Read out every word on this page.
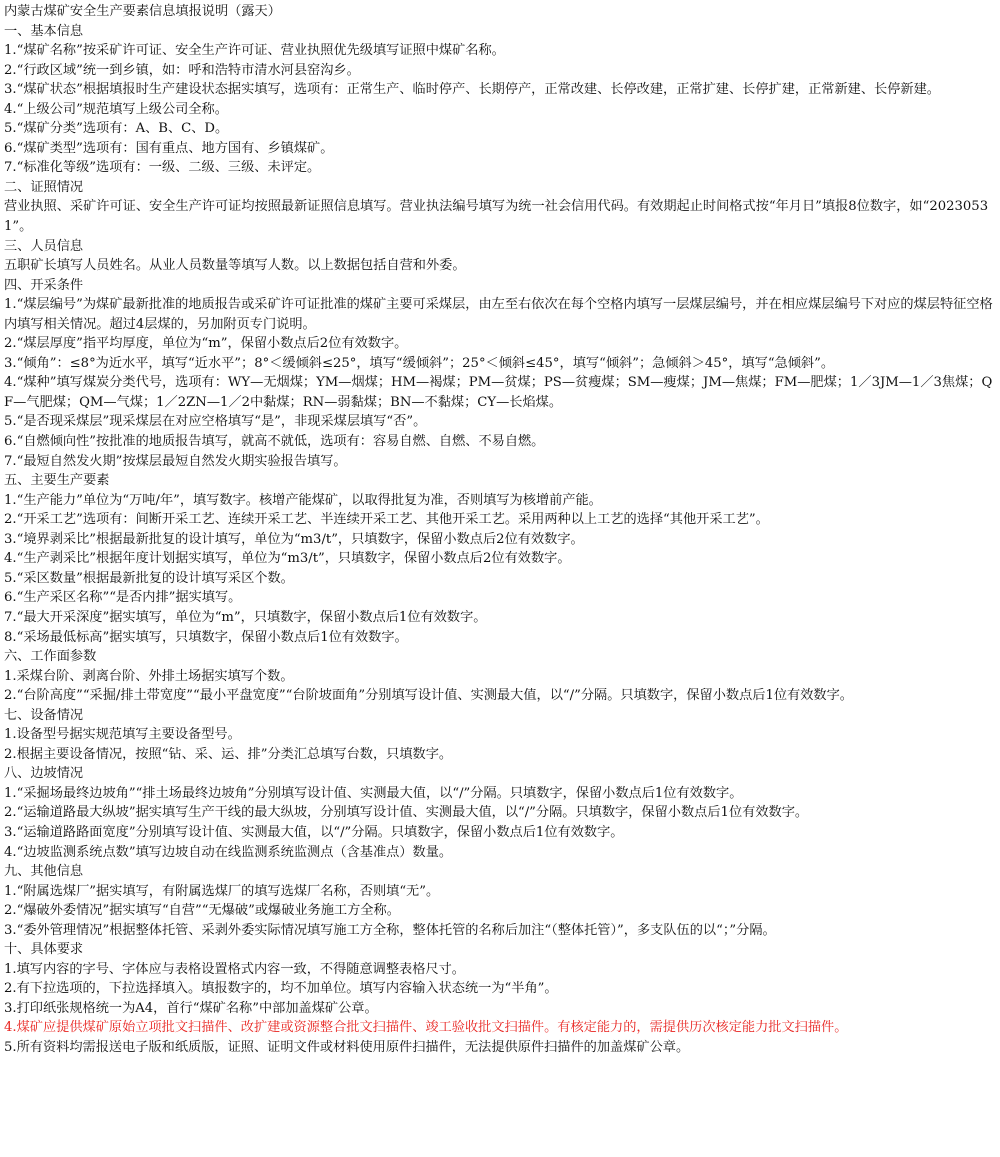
内蒙古煤矿安全生产要素信息填报说明（露天）
一、基本信息
1.“煤矿名称”按采矿许可证、安全生产许可证、营业执照优先级填写证照中煤矿名称。
2.“行政区域”统一到乡镇，如：呼和浩特市清水河县窑沟乡。
3.“煤矿状态”根据填报时生产建设状态据实填写，选项有：正常生产、临时停产、长期停产，正常改建、长停改建，正常扩建、长停扩建，正常新建、长停新建。
4.“上级公司”规范填写上级公司全称。
5.“煤矿分类”选项有：A、B、C、D。
6.“煤矿类型”选项有：国有重点、地方国有、乡镇煤矿。
7.“标准化等级”选项有：一级、二级、三级、未评定。
二、证照情况
营业执照、采矿许可证、安全生产许可证均按照最新证照信息填写。营业执法编号填写为统一社会信用代码。有效期起止时间格式按“年月日”填报8位数字，如“20230531”。
三、人员信息
五职矿长填写人员姓名。从业人员数量等填写人数。以上数据包括自营和外委。
四、开采条件
1.“煤层编号”为煤矿最新批准的地质报告或采矿许可证批准的煤矿主要可采煤层，由左至右依次在每个空格内填写一层煤层编号，并在相应煤层编号下对应的煤层特征空格内填写相关情况。超过4层煤的，另加附页专门说明。
2.“煤层厚度”指平均厚度，单位为“m”，保留小数点后2位有效数字。
3.“倾角”：≤8°为近水平，填写“近水平”；8°＜缓倾斜≤25°，填写“缓倾斜”；25°＜倾斜≤45°，填写“倾斜”；急倾斜＞45°，填写“急倾斜”。
4.“煤种”填写煤炭分类代号，选项有：WY—无烟煤；YM—烟煤；HM—褐煤；PM—贫煤；PS—贫瘦煤；SM—瘦煤；JM—焦煤；FM—肥煤；1／3JM—1／3焦煤；QF—气肥煤；QM—气煤；1／2ZN—1／2中黏煤；RN—弱黏煤；BN—不黏煤；CY—长焰煤。
5.“是否现采煤层”现采煤层在对应空格填写“是”，非现采煤层填写“否”。
6.“自燃倾向性”按批准的地质报告填写，就高不就低，选项有：容易自燃、自燃、不易自燃。
7.“最短自然发火期”按煤层最短自然发火期实验报告填写。
五、主要生产要素
1.“生产能力”单位为“万吨/年”，填写数字。核增产能煤矿，以取得批复为准，否则填写为核增前产能。
2.“开采工艺”选项有：间断开采工艺、连续开采工艺、半连续开采工艺、其他开采工艺。采用两种以上工艺的选择“其他开采工艺”。
3.“境界剥采比”根据最新批复的设计填写，单位为“m3/t”，只填数字，保留小数点后2位有效数字。
4.“生产剥采比”根据年度计划据实填写，单位为“m3/t”，只填数字，保留小数点后2位有效数字。
5.“采区数量”根据最新批复的设计填写采区个数。
6.“生产采区名称”“是否内排”据实填写。
7.“最大开采深度”据实填写，单位为“m”，只填数字，保留小数点后1位有效数字。
8.“采场最低标高”据实填写，只填数字，保留小数点后1位有效数字。
六、工作面参数
1.采煤台阶、剥离台阶、外排土场据实填写个数。
2.“台阶高度”“采掘/排土带宽度”“最小平盘宽度”“台阶坡面角”分别填写设计值、实测最大值，以“/”分隔。只填数字，保留小数点后1位有效数字。
七、设备情况
1.设备型号据实规范填写主要设备型号。
2.根据主要设备情况，按照“钻、采、运、排”分类汇总填写台数，只填数字。
八、边坡情况
1.“采掘场最终边坡角”“排土场最终边坡角”分别填写设计值、实测最大值，以“/”分隔。只填数字，保留小数点后1位有效数字。
2.“运输道路最大纵坡”据实填写生产干线的最大纵坡，分别填写设计值、实测最大值，以“/”分隔。只填数字，保留小数点后1位有效数字。
3.“运输道路路面宽度”分别填写设计值、实测最大值，以“/”分隔。只填数字，保留小数点后1位有效数字。
4.“边坡监测系统点数”填写边坡自动在线监测系统监测点（含基准点）数量。
九、其他信息
1.“附属选煤厂”据实填写，有附属选煤厂的填写选煤厂名称，否则填“无”。
2.“爆破外委情况”据实填写“自营”“无爆破”或爆破业务施工方全称。
3.“委外管理情况”根据整体托管、采剥外委实际情况填写施工方全称，整体托管的名称后加注“（整体托管）”，多支队伍的以“；”分隔。
十、具体要求
1.填写内容的字号、字体应与表格设置格式内容一致，不得随意调整表格尺寸。
2.有下拉选项的，下拉选择填入。填报数字的，均不加单位。填写内容输入状态统一为“半角”。
3.打印纸张规格统一为A4，首行“煤矿名称”中部加盖煤矿公章。
4.煤矿应提供煤矿原始立项批文扫描件、改扩建或资源整合批文扫描件、竣工验收批文扫描件。有核定能力的，需提供历次核定能力批文扫描件。
5.所有资料均需报送电子版和纸质版，证照、证明文件或材料使用原件扫描件，无法提供原件扫描件的加盖煤矿公章。
